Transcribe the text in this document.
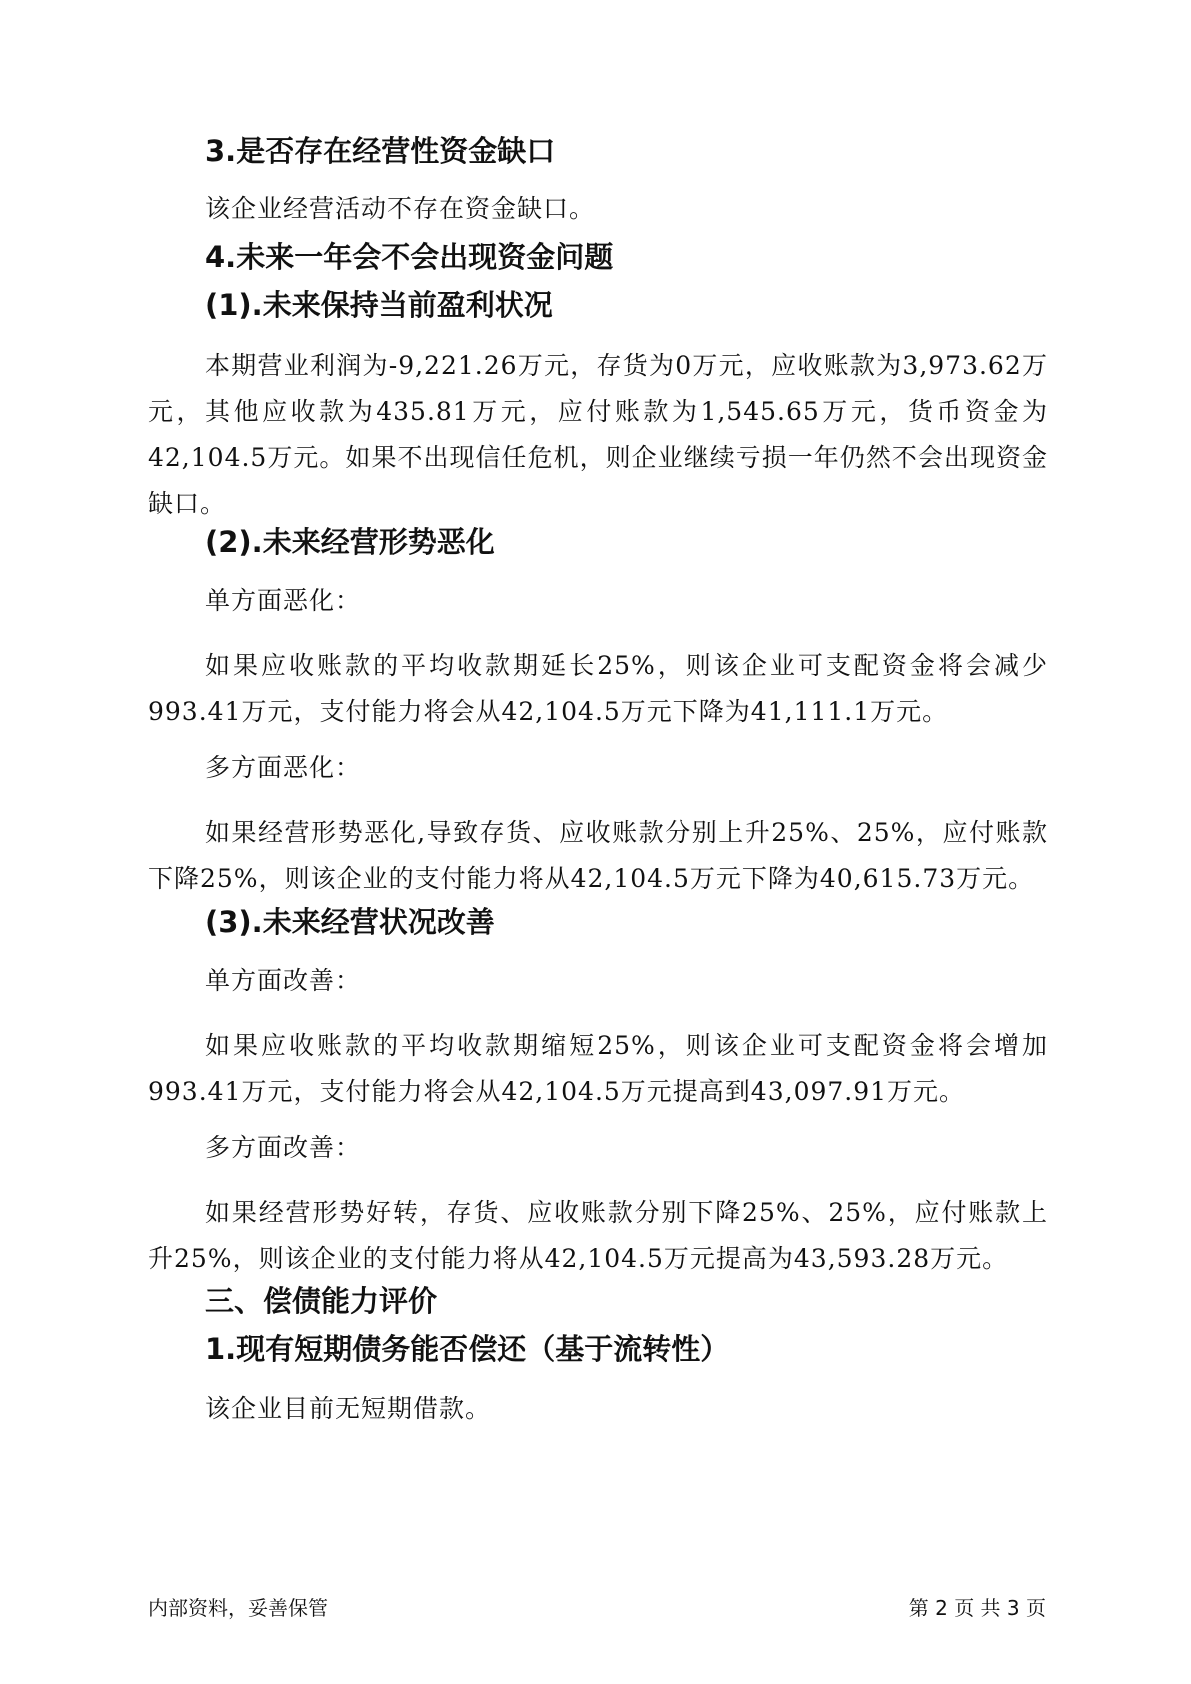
3.是否存在经营性资金缺口
该企业经营活动不存在资金缺口。
4.未来一年会不会出现资金问题
(1).未来保持当前盈利状况
本期营业利润为-9,221.26万元，存货为0万元，应收账款为3,973.62万元，其他应收款为435.81万元，应付账款为1,545.65万元，货币资金为42,104.5万元。如果不出现信任危机，则企业继续亏损一年仍然不会出现资金缺口。
(2).未来经营形势恶化
单方面恶化：
如果应收账款的平均收款期延长25%，则该企业可支配资金将会减少993.41万元，支付能力将会从42,104.5万元下降为41,111.1万元。
多方面恶化：
如果经营形势恶化,导致存货、应收账款分别上升25%、25%，应付账款下降25%，则该企业的支付能力将从42,104.5万元下降为40,615.73万元。
(3).未来经营状况改善
单方面改善：
如果应收账款的平均收款期缩短25%，则该企业可支配资金将会增加993.41万元，支付能力将会从42,104.5万元提高到43,097.91万元。
多方面改善：
如果经营形势好转，存货、应收账款分别下降25%、25%，应付账款上升25%，则该企业的支付能力将从42,104.5万元提高为43,593.28万元。
三、偿债能力评价
1.现有短期债务能否偿还（基于流转性）
该企业目前无短期借款。
内部资料，妥善保管	第 2 页 共 3 页
